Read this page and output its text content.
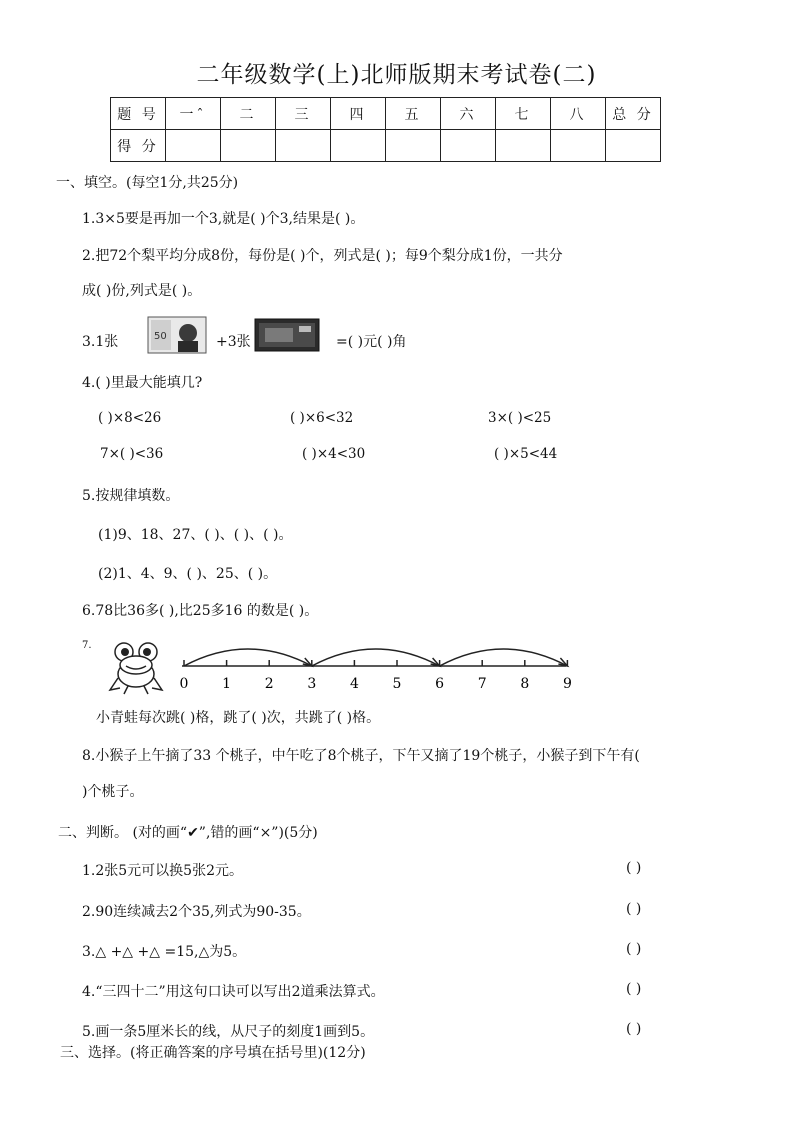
二年级数学(上)北师版期末考试卷(二)
题 号	一ˆ	二	三	四	五	六	七	八	总 分
得 分									
一、填空。(每空1分,共25分)
1.3×5要是再加一个3,就是( )个3,结果是( )。
2.把72个梨平均分成8份，每份是( )个，列式是( )；每9个梨分成1份，一共分
成( )份,列式是( )。
3.1张	50	+3张	=( )元( )角
4.( )里最大能填几?
( )×8<26	( )×6<32	3×( )<25
7×( )<36	( )×4<30	( )×5<44
5.按规律填数。
(1)9、18、27、( )、( )、( )。
(2)1、4、9、( )、25、( )。
6.78比36多( ),比25多16 的数是( )。
7.
0 1 2 3 4 5 6 7 8 9
小青蛙每次跳( )格，跳了( )次，共跳了( )格。
8.小猴子上午摘了33 个桃子，中午吃了8个桃子，下午又摘了19个桃子，小猴子到下午有(
)个桃子。
二、判断。 (对的画“✔”,错的画“×”)(5分)
1.2张5元可以换5张2元。	( )
2.90连续减去2个35,列式为90-35。	( )
3.△ +△ +△ =15,△为5。	( )
4.“三四十二”用这句口诀可以写出2道乘法算式。	( )
5.画一条5厘米长的线，从尺子的刻度1画到5。	( )
三、选择。(将正确答案的序号填在括号里)(12分)
